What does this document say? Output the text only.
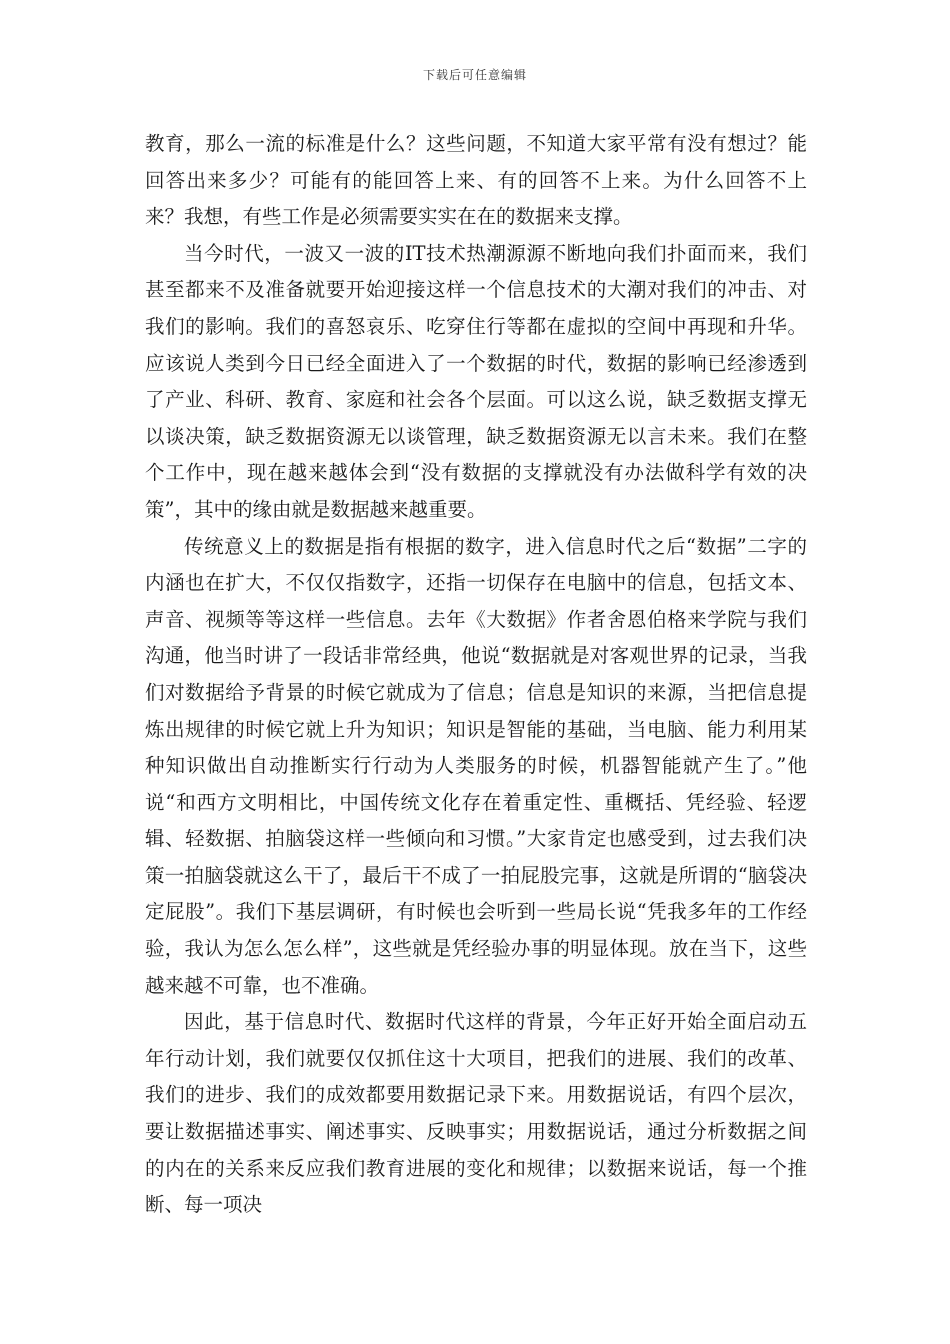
下载后可任意编辑

教育，那么一流的标准是什么？这些问题，不知道大家平常有没有想过？能回答出来多少？可能有的能回答上来、有的回答不上来。为什么回答不上来？我想，有些工作是必须需要实实在在的数据来支撑。

当今时代，一波又一波的IT技术热潮源源不断地向我们扑面而来，我们甚至都来不及准备就要开始迎接这样一个信息技术的大潮对我们的冲击、对我们的影响。我们的喜怒哀乐、吃穿住行等都在虚拟的空间中再现和升华。应该说人类到今日已经全面进入了一个数据的时代，数据的影响已经渗透到了产业、科研、教育、家庭和社会各个层面。可以这么说，缺乏数据支撑无以谈决策，缺乏数据资源无以谈管理，缺乏数据资源无以言未来。我们在整个工作中，现在越来越体会到“没有数据的支撑就没有办法做科学有效的决策”，其中的缘由就是数据越来越重要。

传统意义上的数据是指有根据的数字，进入信息时代之后“数据”二字的内涵也在扩大，不仅仅指数字，还指一切保存在电脑中的信息，包括文本、声音、视频等等这样一些信息。去年《大数据》作者舍恩伯格来学院与我们沟通，他当时讲了一段话非常经典，他说“数据就是对客观世界的记录，当我们对数据给予背景的时候它就成为了信息；信息是知识的来源，当把信息提炼出规律的时候它就上升为知识；知识是智能的基础，当电脑、能力利用某种知识做出自动推断实行行动为人类服务的时候，机器智能就产生了。”他说“和西方文明相比，中国传统文化存在着重定性、重概括、凭经验、轻逻辑、轻数据、拍脑袋这样一些倾向和习惯。”大家肯定也感受到，过去我们决策一拍脑袋就这么干了，最后干不成了一拍屁股完事，这就是所谓的“脑袋决定屁股”。我们下基层调研，有时候也会听到一些局长说“凭我多年的工作经验，我认为怎么怎么样”，这些就是凭经验办事的明显体现。放在当下，这些越来越不可靠，也不准确。

因此，基于信息时代、数据时代这样的背景，今年正好开始全面启动五年行动计划，我们就要仅仅抓住这十大项目，把我们的进展、我们的改革、我们的进步、我们的成效都要用数据记录下来。用数据说话，有四个层次，要让数据描述事实、阐述事实、反映事实；用数据说话，通过分析数据之间的内在的关系来反应我们教育进展的变化和规律；以数据来说话，每一个推断、每一项决
